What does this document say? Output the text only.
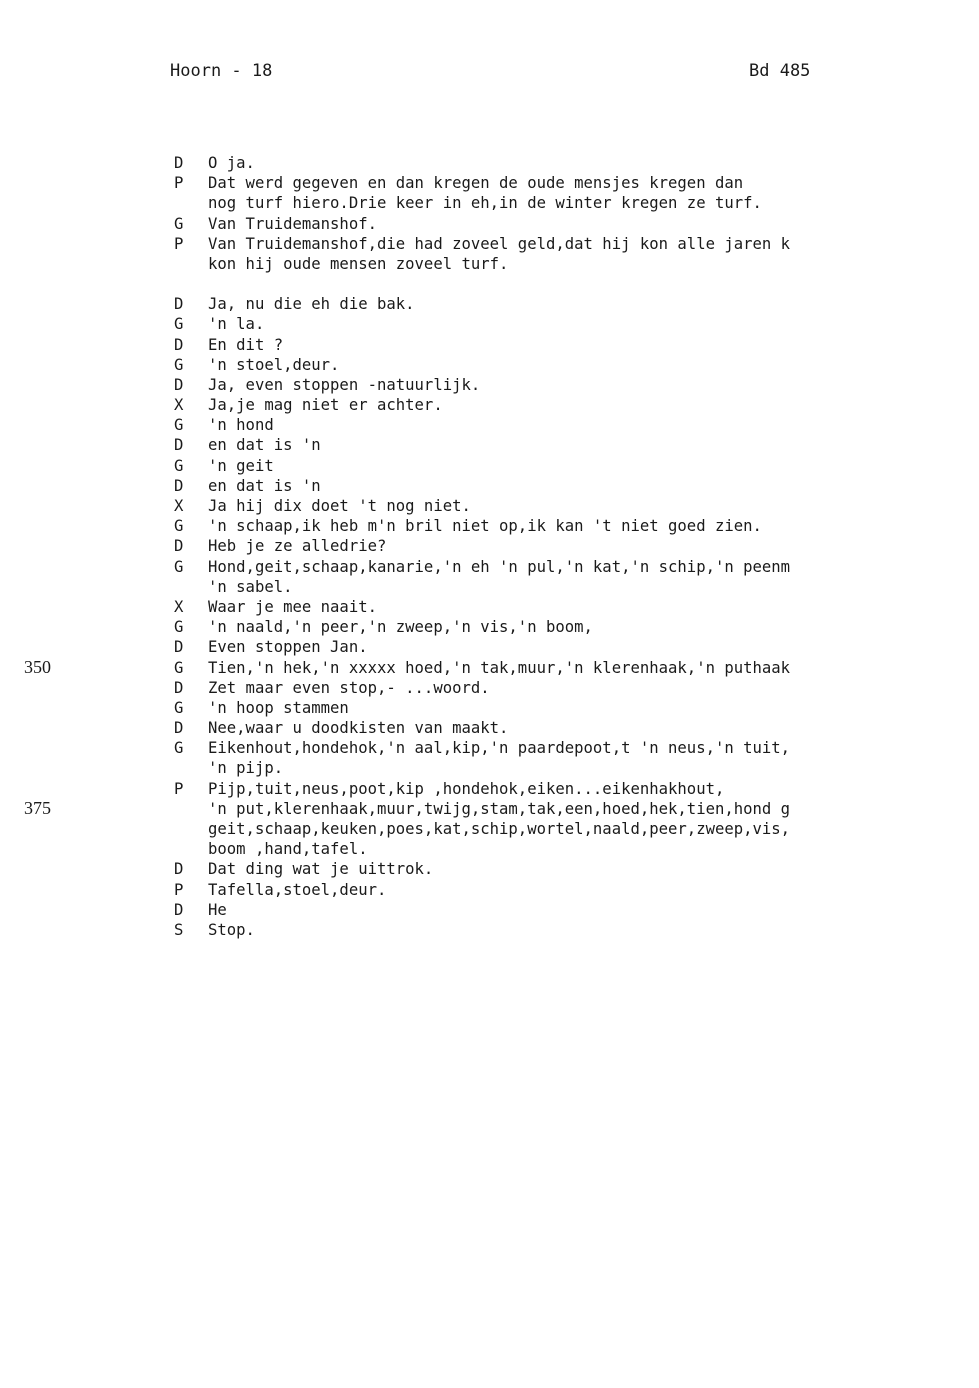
Hoorn - 18	Bd 485
350
375
D	O ja.
P	Dat werd gegeven en dan kregen de oude mensjes kregen dan
nog turf hiero.Drie keer in eh,in de winter kregen ze turf.
G	Van Truidemanshof.
P	Van Truidemanshof,die had zoveel geld,dat hij kon alle jaren k
kon hij oude mensen zoveel turf.
D	Ja, nu die eh die bak.
G	'n la.
D	En dit ?
G	'n stoel,deur.
D	Ja, even stoppen -natuurlijk.
X	Ja,je mag niet er achter.
G	'n hond
D	en dat is 'n
G	'n geit
D	en dat is 'n
X	Ja hij dix doet 't nog niet.
G	'n schaap,ik heb m'n bril niet op,ik kan 't niet goed zien.
D	Heb je ze alledrie?
G	Hond,geit,schaap,kanarie,'n eh 'n pul,'n kat,'n schip,'n peenm
'n sabel.
X	Waar je mee naait.
G	'n naald,'n peer,'n zweep,'n vis,'n boom,
D	Even stoppen Jan.
G	Tien,'n hek,'n xxxxx hoed,'n tak,muur,'n klerenhaak,'n puthaak
D	Zet maar even stop,- ...woord.
G	'n hoop stammen
D	Nee,waar u doodkisten van maakt.
G	Eikenhout,hondehok,'n aal,kip,'n paardepoot,t 'n neus,'n tuit,
'n pijp.
P	Pijp,tuit,neus,poot,kip ,hondehok,eiken...eikenhakhout,
'n put,klerenhaak,muur,twijg,stam,tak,een,hoed,hek,tien,hond g
geit,schaap,keuken,poes,kat,schip,wortel,naald,peer,zweep,vis,
boom ,hand,tafel.
D	Dat ding wat je uittrok.
P	Tafella,stoel,deur.
D	He
S	Stop.
